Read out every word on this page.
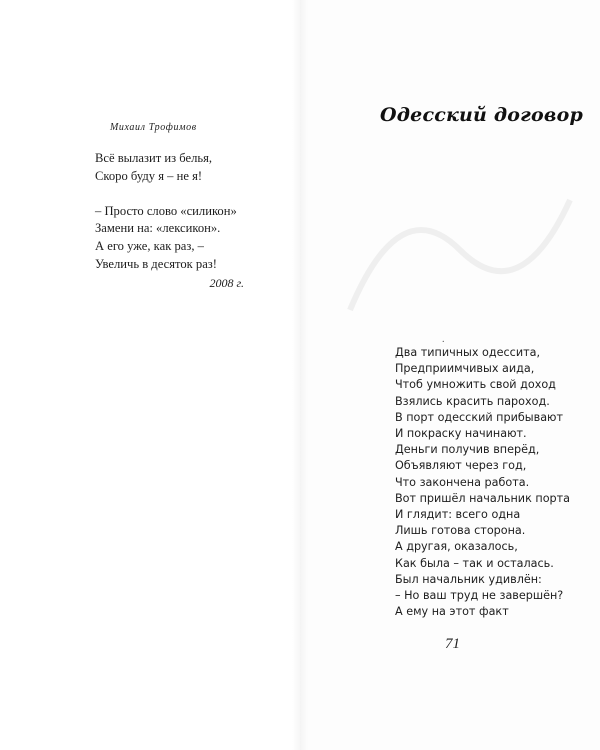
Михаил Трофимов
Всё вылазит из белья,
Скоро буду я – не я!
– Просто слово «силикон»
Замени на: «лексикон».
А его уже, как раз, –
Увеличь в десяток раз!
2008 г.
Одесский договор
.
Два типичных одессита,
Предприимчивых аида,
Чтоб умножить свой доход
Взялись красить пароход.
В порт одесский прибывают
И покраску начинают.
Деньги получив вперёд,
Объявляют через год,
Что закончена работа.
Вот пришёл начальник порта
И глядит: всего одна
Лишь готова сторона.
А другая, оказалось,
Как была – так и осталась.
Был начальник удивлён:
– Но ваш труд не завершён?
А ему на этот факт
71
